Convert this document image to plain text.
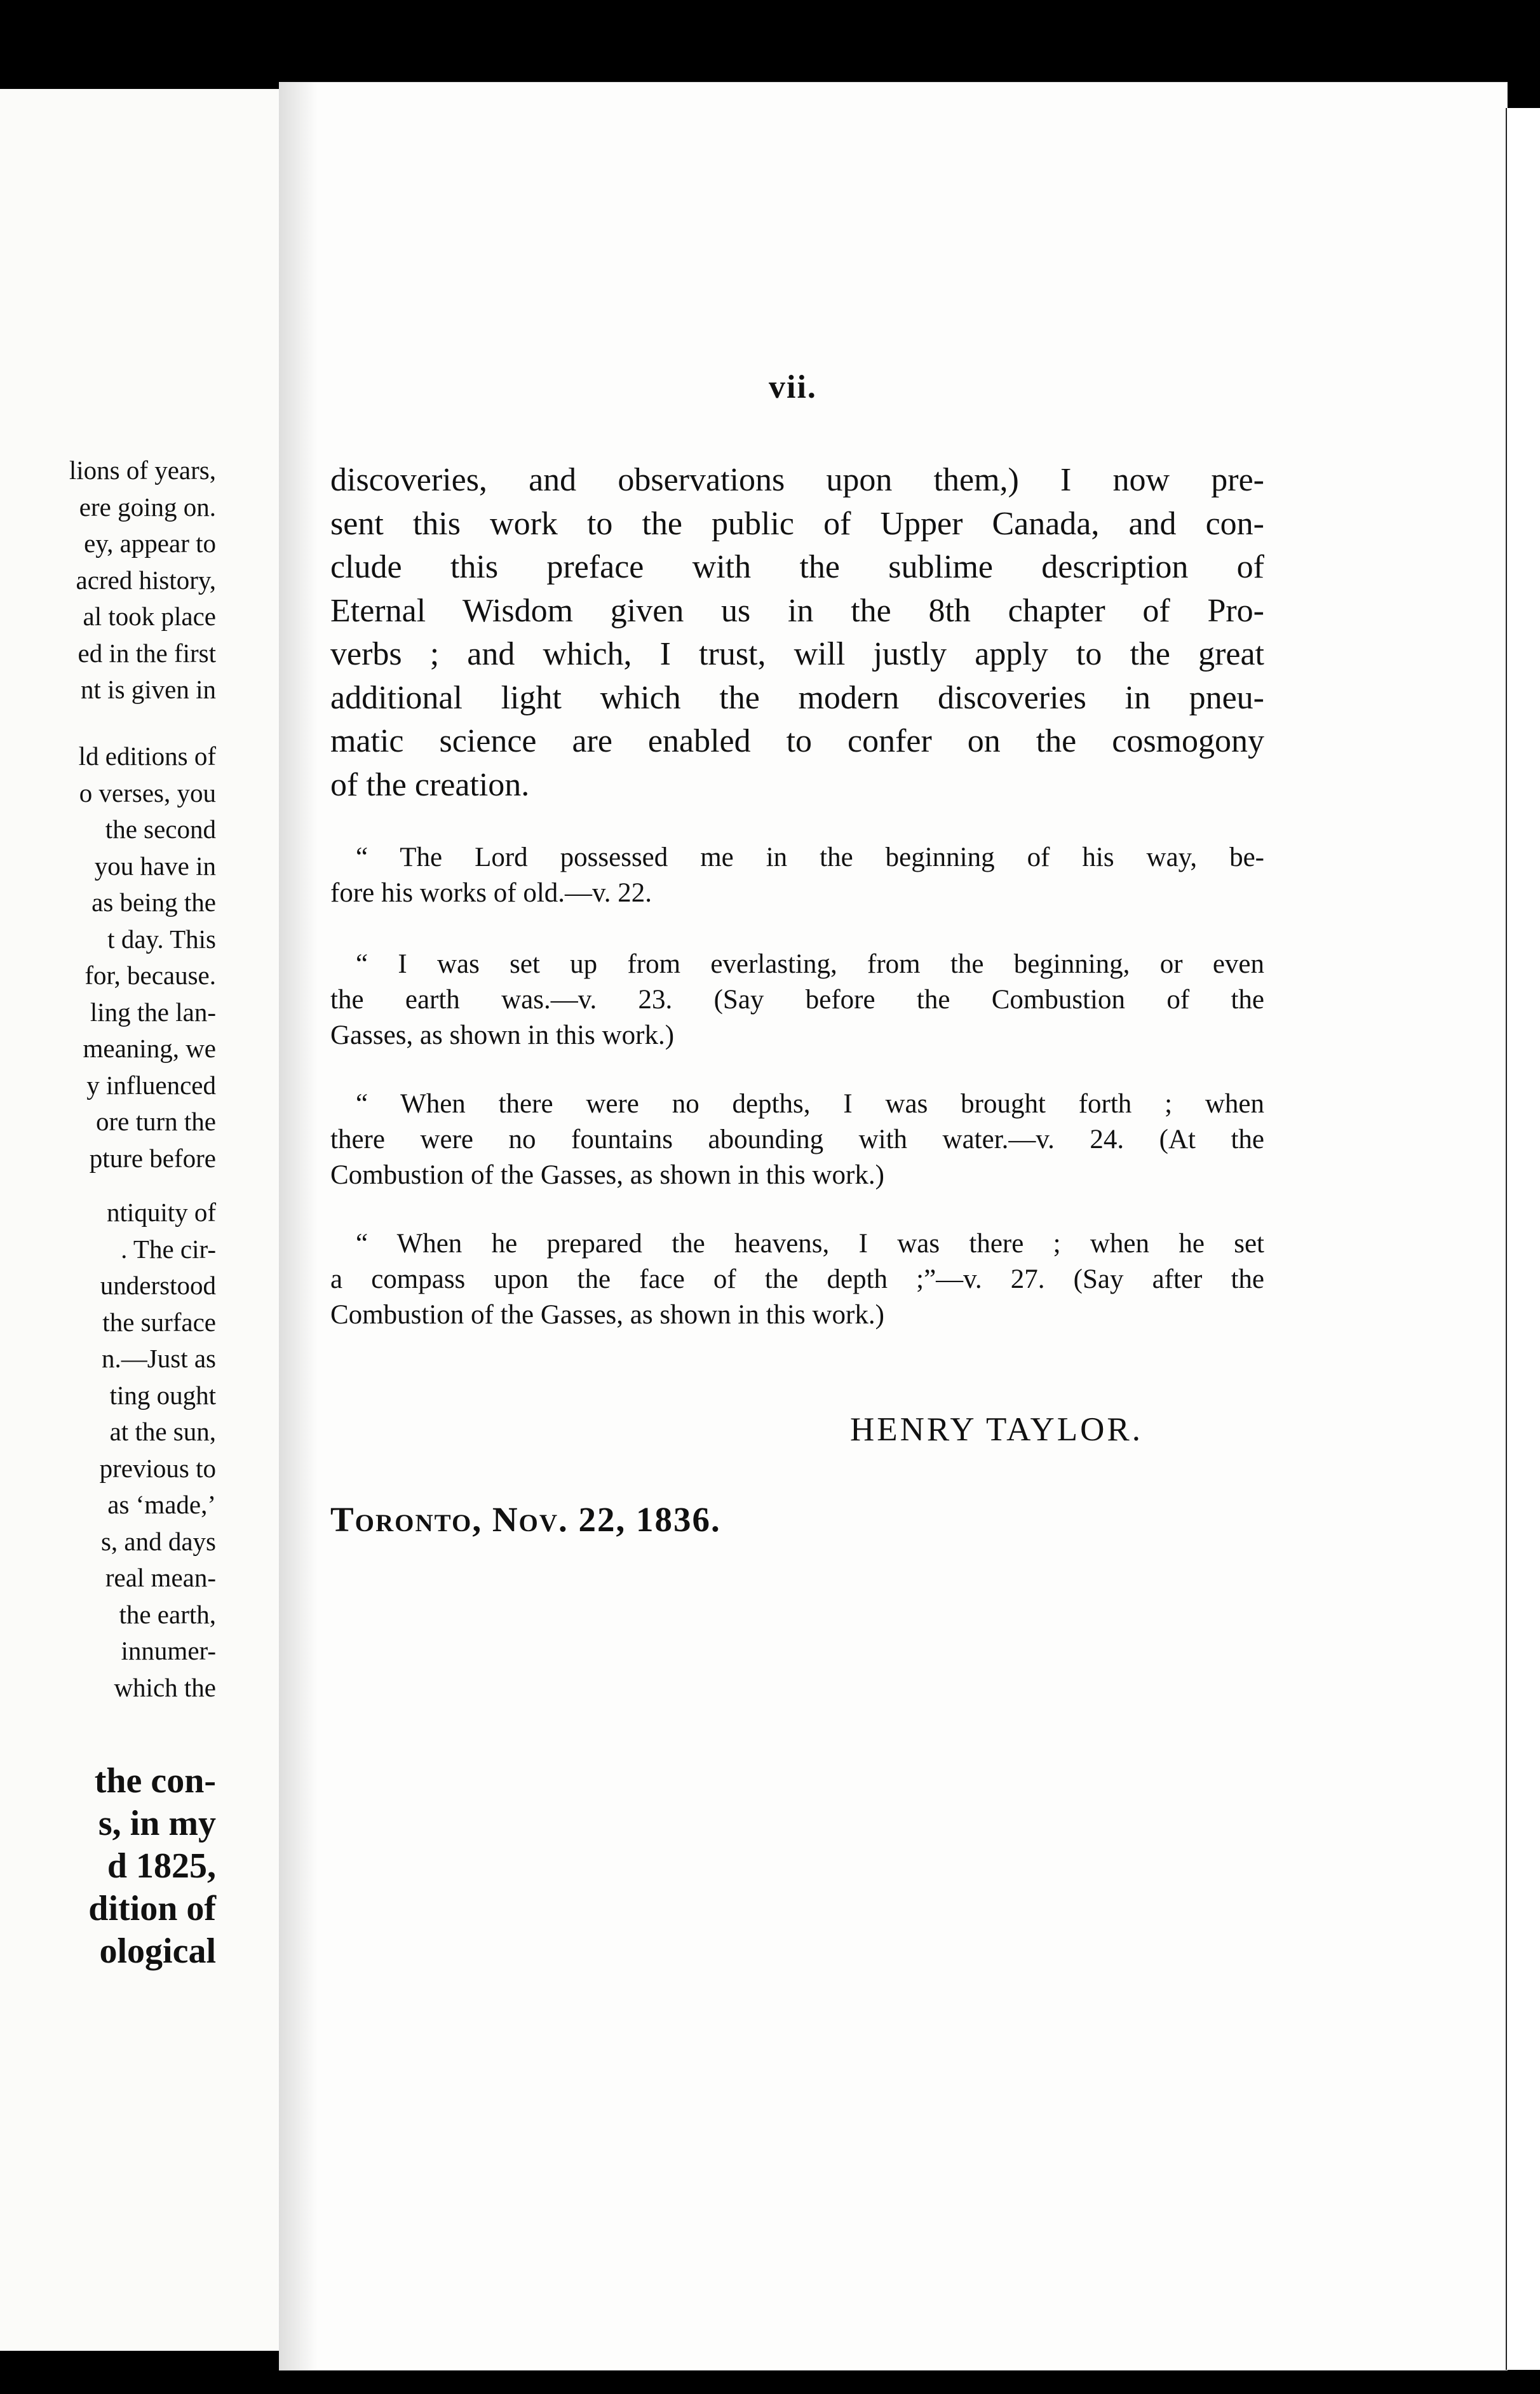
lions of years,
ere going on.
ey, appear to
acred history,
al took place
ed in the first
nt is given in
ld editions of
o verses, you
the second
you have in
as being the
t day. This
for, because.
ling the lan-
meaning, we
y influenced
ore turn the
pture before
ntiquity of
. The cir-
understood
the surface
n.—Just as
ting ought
at the sun,
previous to
as ‘made,’
s, and days
real mean-
the earth,
innumer-
which the
the con-
s, in my
d 1825,
dition of
ological
vii.

discoveries, and observations upon them,) I now pre-
sent this work to the public of Upper Canada, and con-
clude this preface with the sublime description of
Eternal Wisdom given us in the 8th chapter of Pro-
verbs ; and which, I trust, will justly apply to the great
additional light which the modern discoveries in pneu-
matic science are enabled to confer on the cosmogony
of the creation.

“ The Lord possessed me in the beginning of his way, be-
fore his works of old.—v. 22.

“ I was set up from everlasting, from the beginning, or even
the earth was.—v. 23. (Say before the Combustion of the
Gasses, as shown in this work.)

“ When there were no depths, I was brought forth ; when
there were no fountains abounding with water.—v. 24. (At the
Combustion of the Gasses, as shown in this work.)

“ When he prepared the heavens, I was there ; when he set
a compass upon the face of the depth ;”—v. 27. (Say after the
Combustion of the Gasses, as shown in this work.)

HENRY TAYLOR.
Toronto, Nov. 22, 1836.
